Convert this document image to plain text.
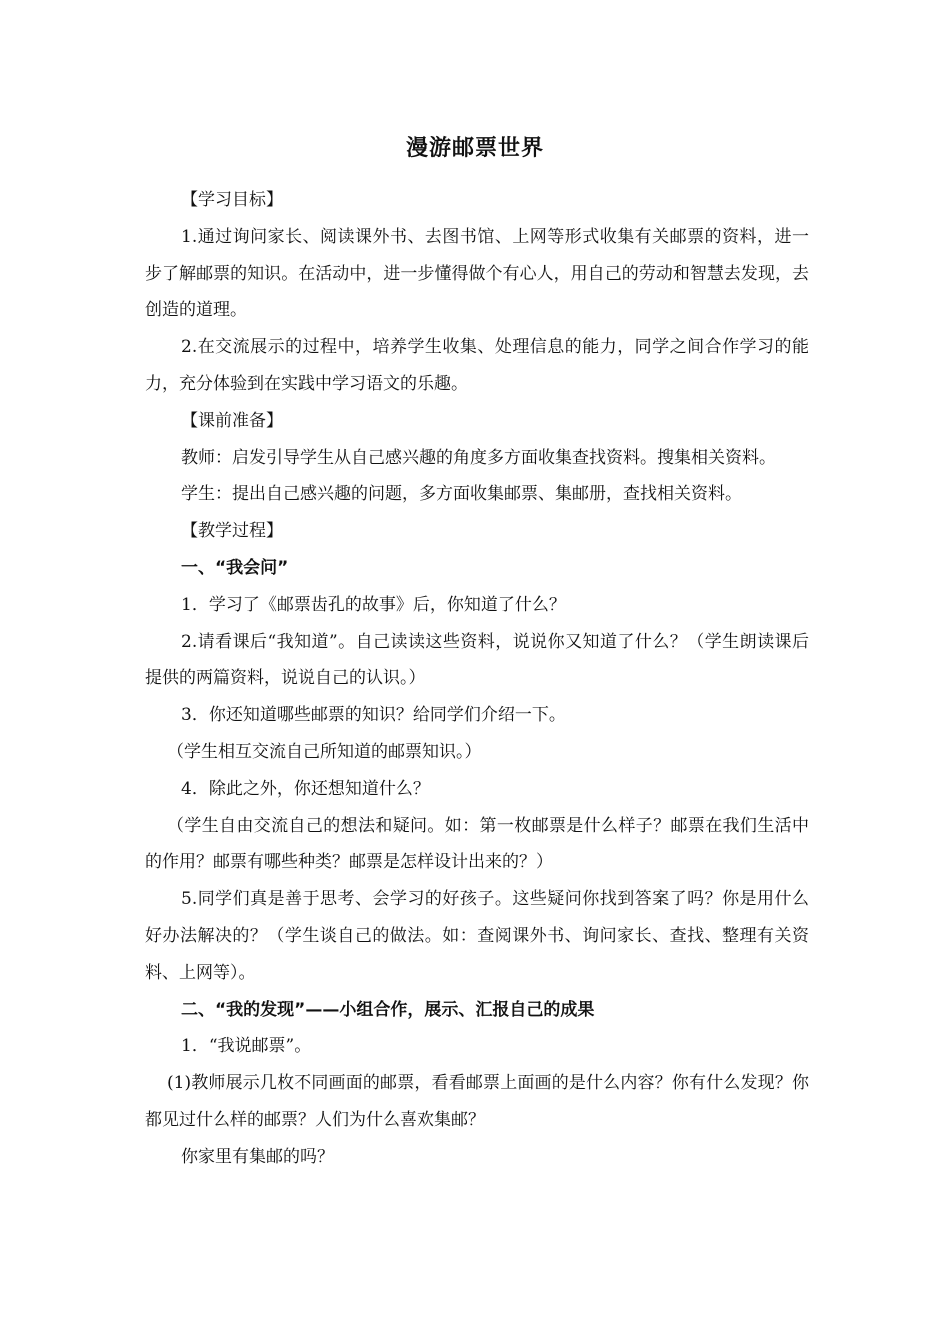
漫游邮票世界

【学习目标】

1.通过询问家长、阅读课外书、去图书馆、上网等形式收集有关邮票的资料，进一步了解邮票的知识。在活动中，进一步懂得做个有心人，用自己的劳动和智慧去发现，去创造的道理。

2.在交流展示的过程中，培养学生收集、处理信息的能力，同学之间合作学习的能力，充分体验到在实践中学习语文的乐趣。

【课前准备】

教师：启发引导学生从自己感兴趣的角度多方面收集查找资料。搜集相关资料。

学生：提出自己感兴趣的问题，多方面收集邮票、集邮册，查找相关资料。

【教学过程】

一、“我会问”

1．学习了《邮票齿孔的故事》后，你知道了什么？

2.请看课后“我知道”。自己读读这些资料，说说你又知道了什么？（学生朗读课后提供的两篇资料，说说自己的认识。）

3．你还知道哪些邮票的知识？给同学们介绍一下。

（学生相互交流自己所知道的邮票知识。）

4．除此之外，你还想知道什么？

（学生自由交流自己的想法和疑问。如：第一枚邮票是什么样子？邮票在我们生活中的作用？邮票有哪些种类？邮票是怎样设计出来的？）

5.同学们真是善于思考、会学习的好孩子。这些疑问你找到答案了吗？你是用什么好办法解决的？（学生谈自己的做法。如：查阅课外书、询问家长、查找、整理有关资料、上网等）。

二、“我的发现”——小组合作，展示、汇报自己的成果

1．“我说邮票”。

(1)教师展示几枚不同画面的邮票，看看邮票上面画的是什么内容？你有什么发现？你都见过什么样的邮票？人们为什么喜欢集邮？

你家里有集邮的吗？
